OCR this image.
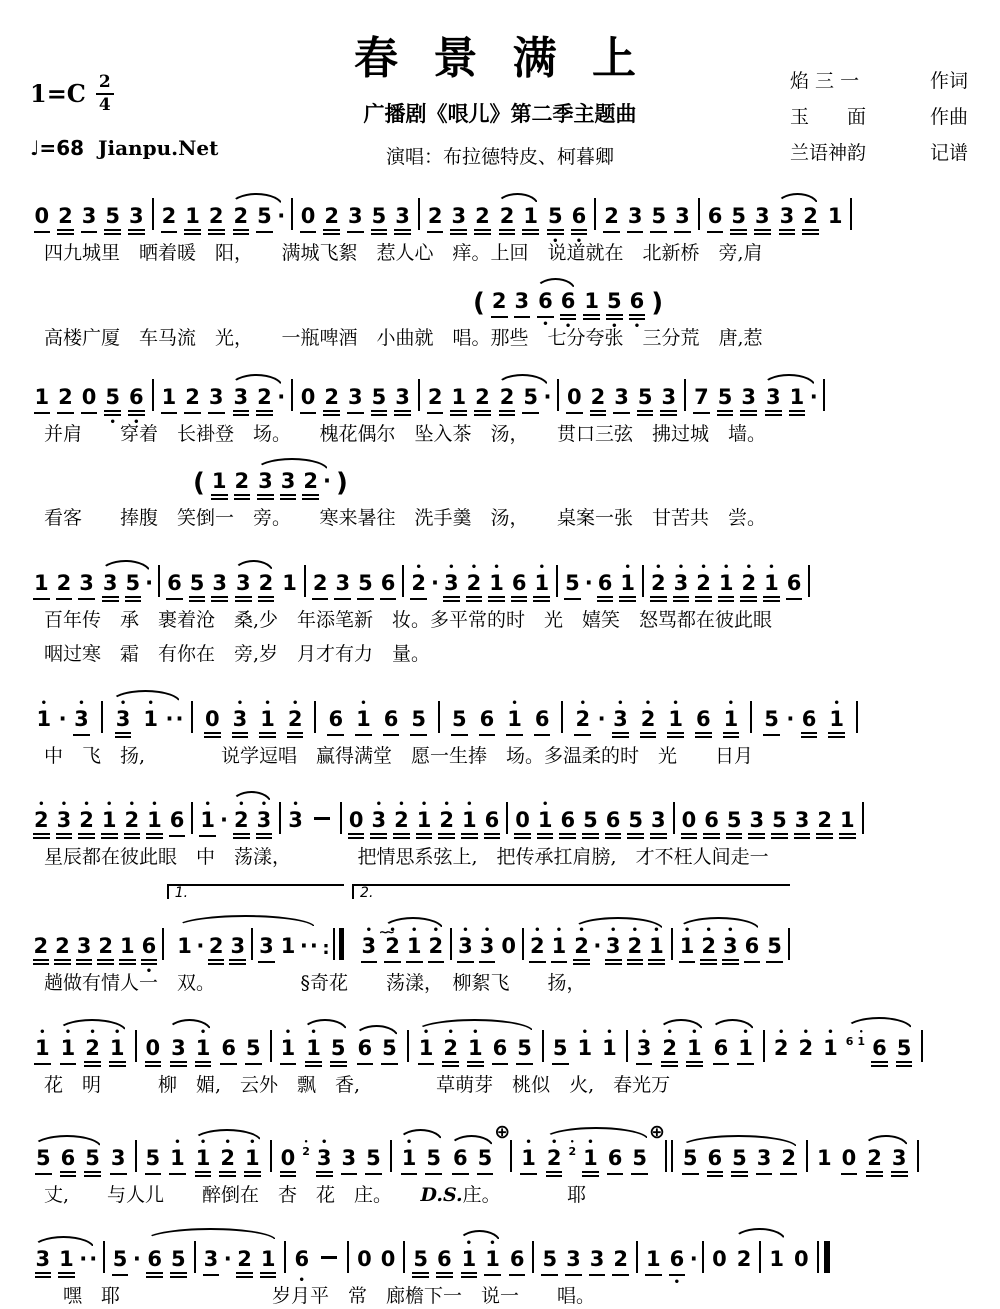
春 景 满 上
$1=C \frac{2}{4}$	广播剧《哏儿》第二季主题曲
♩=68 Jianpu.Net	演唱：布拉德特皮、柯暮卿
焰 三 一	作词
玉　　面	作曲
兰语神韵	记谱
0 2 3 5 3 2 1 2 2 5 · 0 2 3 5 3 2 3 2 2 1 5 • 6 • 2 3 5 3 6 5 3 3 2 1
四九城里　晒着暖　阳，　　满城飞絮　惹人心　痒。上回　说道就在　北新桥　旁,肩
( 2 3 6 • 6 • 1 5 • 6 • )
高楼广厦　车马流　光，　　一瓶啤酒　小曲就　唱。那些　七分夸张　三分荒　唐,惹
1 2 0 5 • 6 • 1 2 3 3 2 · 0 2 3 5 3 2 1 2 2 5 · 0 2 3 5 3 7 5 3 3 1 ·
并肩　　穿着　长褂登　场。　　槐花偶尔　坠入茶　汤，　　贯口三弦　拂过城　墙。
( 1 2 3 3 2 · )
看客　　捧腹　笑倒一　旁。　　寒来暑往　洗手羹　汤，　　桌案一张　甘苦共　尝。
1 2 3 3 5 · 6 5 3 3 2 1 2 3 5 6 • 2 · • 3 • 2 • 1 6 • 1 5 · 6 • 1 • 2 • 3 • 2 • 1 • 2 • 1 6
百年传　承　裹着沧　桑,少　年添笔新　妆。多平常的时　光　嬉笑　怒骂都在彼此眼
咽过寒　霜　有你在　旁,岁　月才有力　量。
• 1 · • 3 • 3 • 1 ·· 0 • 3 • 1 • 2 6 • 1 6 5 5 6 • 1 6 • 2 · • 3 • 2 • 1 6 • 1 5 · 6 • 1
中　飞　扬,　　　　说学逗唱　赢得满堂　愿一生捧　场。多温柔的时　光　　日月
• 2 • 3 • 2 • 1 • 2 • 1 6 • 1 · • 2 • 3 • 3 0 • 3 • 2 • 1 • 2 • 1 6 0 • 1 6 5 6 5 3 0 6 5 3 5 3 2 1
星辰都在彼此眼　中　荡漾，　　　　把情思系弦上,　把传承扛肩膀,　才不枉人间走一
2 2 3 2 1 6 •
1.
1 · 2 3 3 1 ·· :
2.
• 3∼∼• 2 • 1 • 2 • 3 • 3 0 • 2 • 1 • 2 · • 3 • 2 • 1 • 1 • 2 • 3 6 5
趟做有情人一　双。　　　　　§奇花　　荡漾，　柳絮飞　　扬，
• 1 • 1 • 2 • 1 0 3 • 1 6 5 • 1 • 1 5 6 5 • 1 • 2 • 1 6 5 5 • 1 • 1 • 3 • 2 • 1 6 • 1 • 2 • 2 • 1 $^{6 • 1}$ 6 5
花　明　　　柳　媚,　云外　飘　香,　　　　草萌芽　桃似　火,　春光万
5 6 5 3 5 • 1 • 1 • 2 • 1 0 • $^2$ • 3 3 5 • 1 5 6 5⊕• 1 • 2 • $^2$ • 1 6 5⊕5 6 5 3 2 1 0 2 3
丈,　　与人儿　　醉倒在　杏　花　庄。　　D.S.庄。　　　　耶
3 1 ·· 5 · 6 5 3 · 2 1 6 • 0 0 5 6 • 1 • 1 6 5 3 3 2 1 6 • · 0 2 1 0
　嘿　耶　　　　　　　　岁月平　常　廊檐下一　说一　　唱。
